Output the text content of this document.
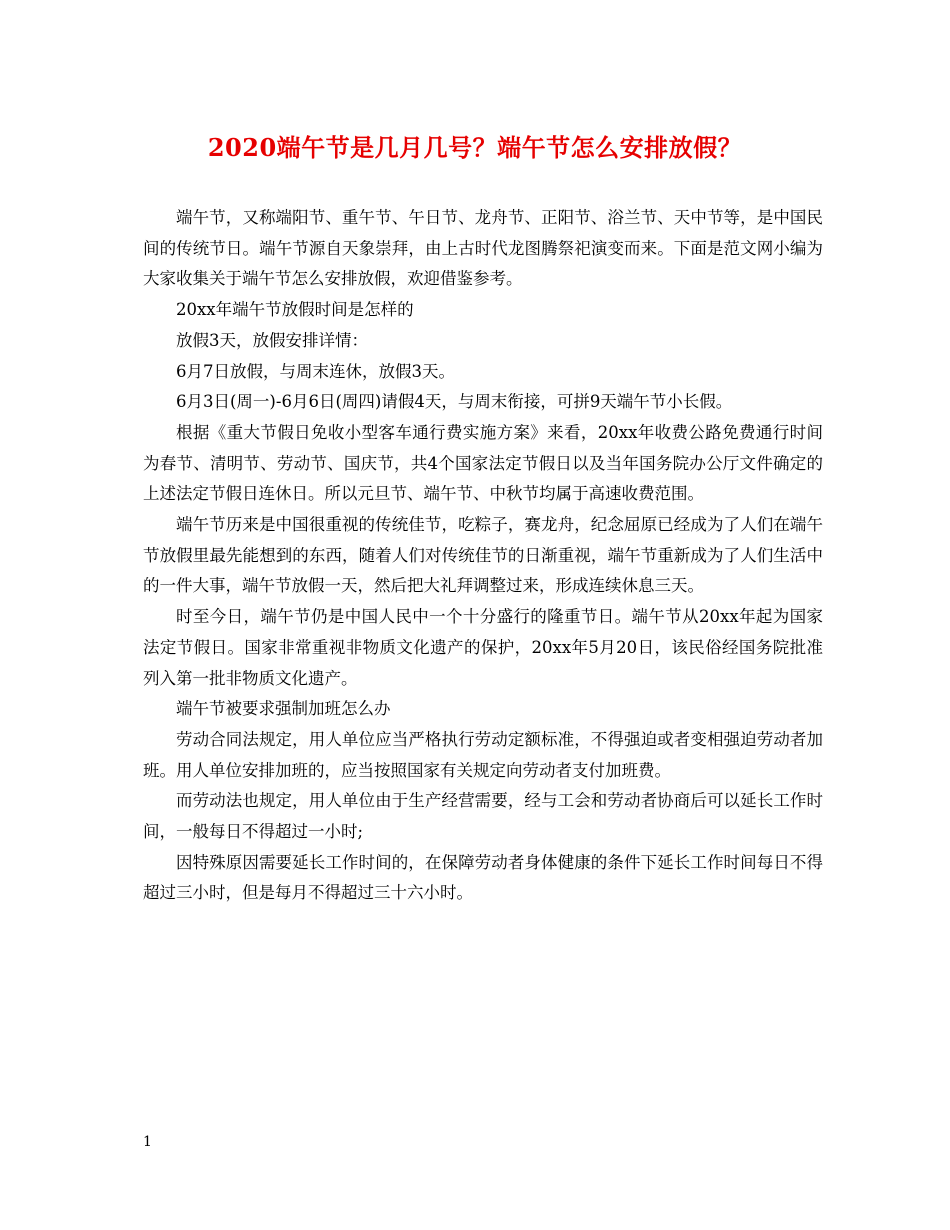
2020端午节是几月几号？端午节怎么安排放假？

端午节，又称端阳节、重午节、午日节、龙舟节、正阳节、浴兰节、天中节等，是中国民间的传统节日。端午节源自天象崇拜，由上古时代龙图腾祭祀演变而来。下面是范文网小编为大家收集关于端午节怎么安排放假，欢迎借鉴参考。

20xx年端午节放假时间是怎样的

放假3天，放假安排详情：

6月7日放假，与周末连休，放假3天。

6月3日(周一)-6月6日(周四)请假4天，与周末衔接，可拼9天端午节小长假。

根据《重大节假日免收小型客车通行费实施方案》来看，20xx年收费公路免费通行时间为春节、清明节、劳动节、国庆节，共4个国家法定节假日以及当年国务院办公厅文件确定的上述法定节假日连休日。所以元旦节、端午节、中秋节均属于高速收费范围。

端午节历来是中国很重视的传统佳节，吃粽子，赛龙舟，纪念屈原已经成为了人们在端午节放假里最先能想到的东西，随着人们对传统佳节的日渐重视，端午节重新成为了人们生活中的一件大事，端午节放假一天，然后把大礼拜调整过来，形成连续休息三天。

时至今日，端午节仍是中国人民中一个十分盛行的隆重节日。端午节从20xx年起为国家法定节假日。国家非常重视非物质文化遗产的保护，20xx年5月20日，该民俗经国务院批准列入第一批非物质文化遗产。

端午节被要求强制加班怎么办

劳动合同法规定，用人单位应当严格执行劳动定额标准，不得强迫或者变相强迫劳动者加班。用人单位安排加班的，应当按照国家有关规定向劳动者支付加班费。

而劳动法也规定，用人单位由于生产经营需要，经与工会和劳动者协商后可以延长工作时间，一般每日不得超过一小时;

因特殊原因需要延长工作时间的，在保障劳动者身体健康的条件下延长工作时间每日不得超过三小时，但是每月不得超过三十六小时。

1
